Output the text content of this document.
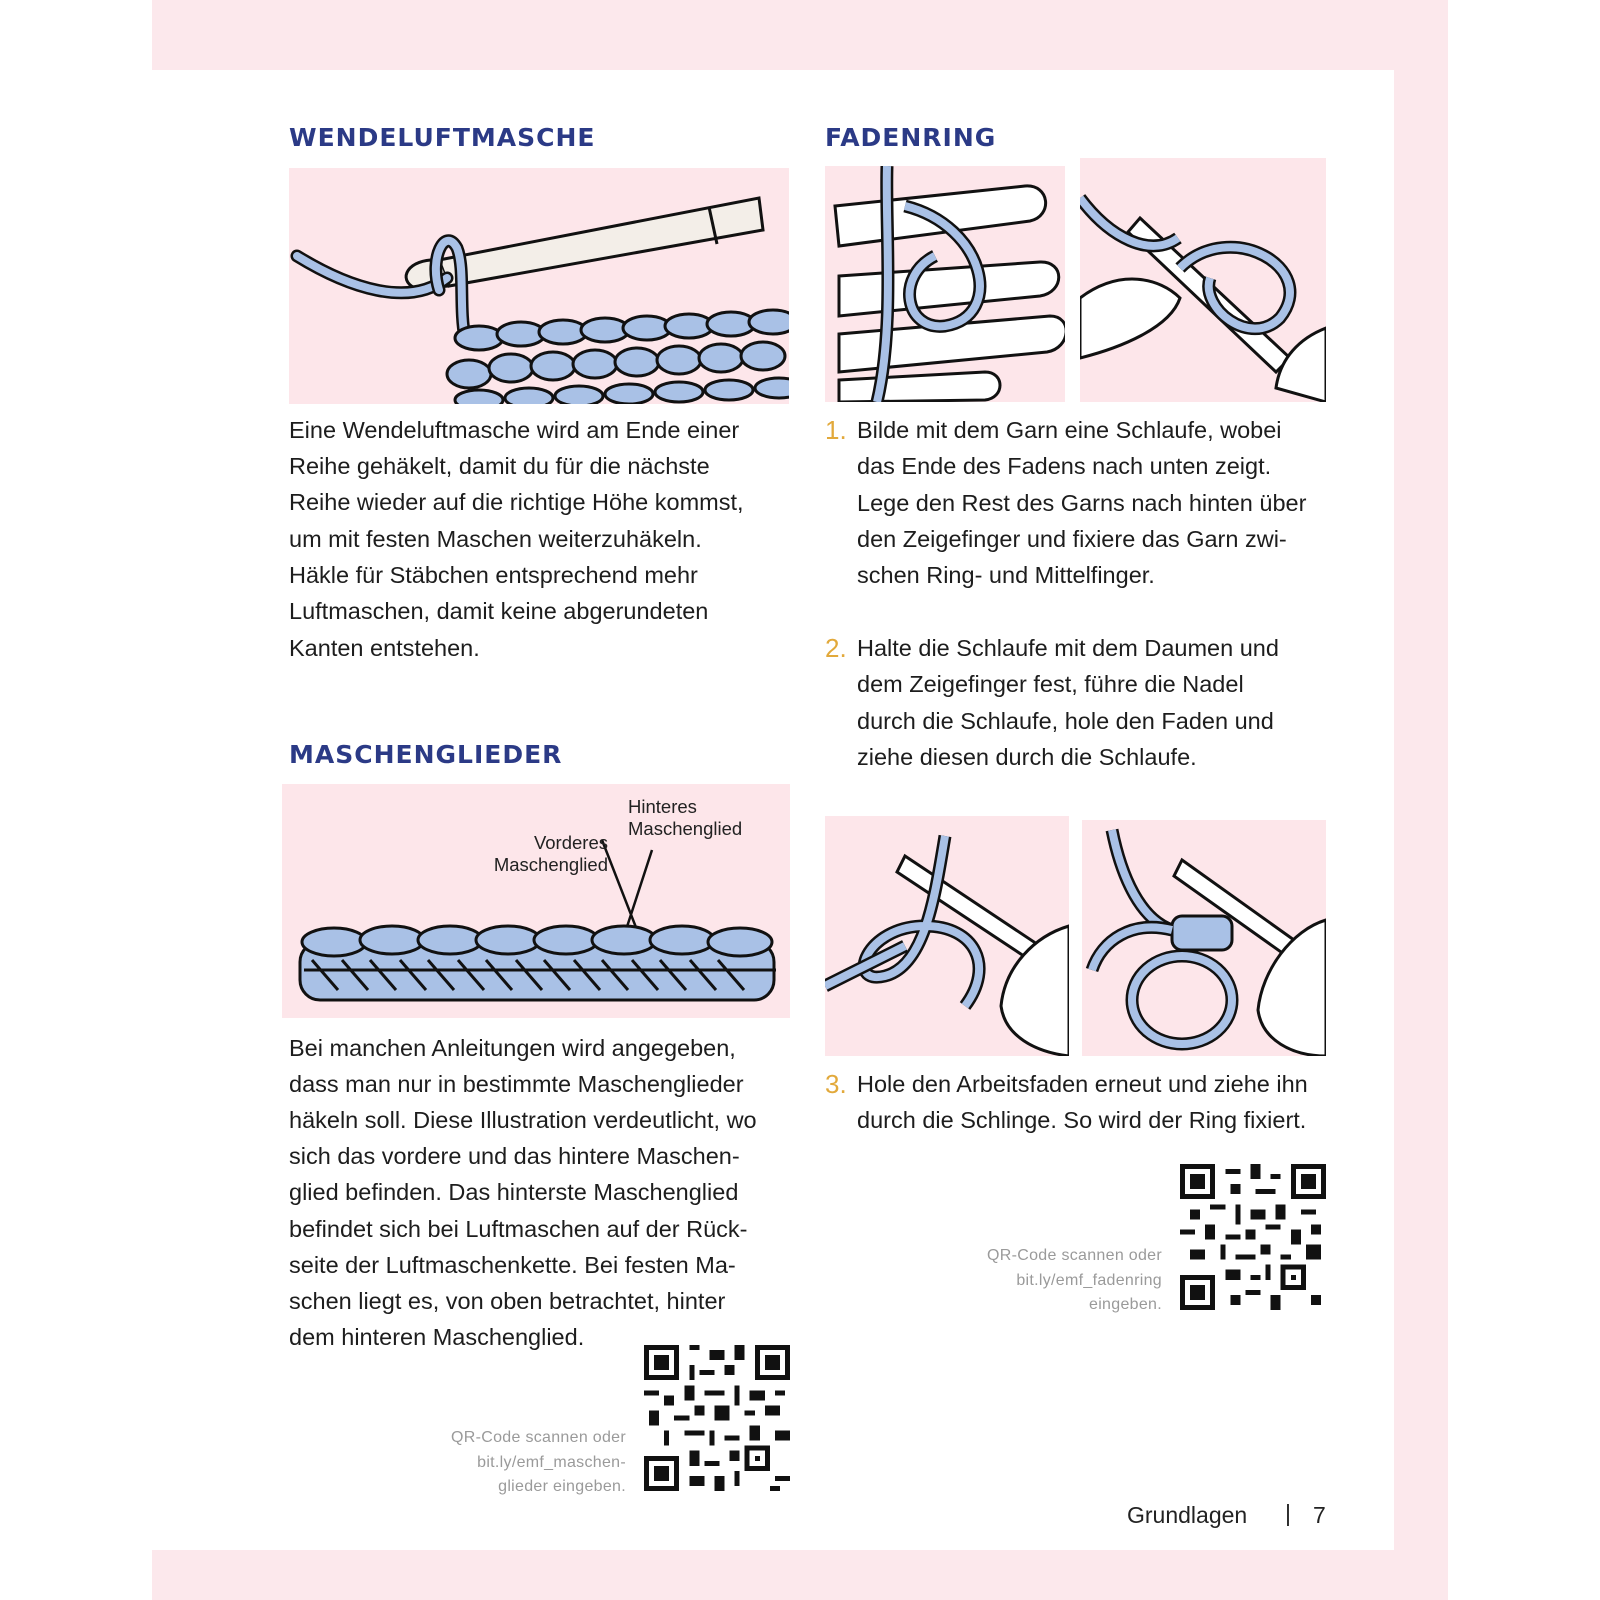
WENDELUFTMASCHE

Eine Wendeluftmasche wird am Ende einer

Reihe gehäkelt, damit du für die nächste

Reihe wieder auf die richtige Höhe kommst,

um mit festen Maschen weiterzuhäkeln.

Häkle für Stäbchen entsprechend mehr

Luftmaschen, damit keine abgerundeten

Kanten entstehen.

MASCHENGLIEDER
Vorderes
Maschenglied
Hinteres
Maschenglied

Bei manchen Anleitungen wird angegeben,

dass man nur in bestimmte Maschenglieder

häkeln soll. Diese Illustration verdeutlicht, wo

sich das vordere und das hintere Maschen-

glied befinden. Das hinterste Maschenglied

befindet sich bei Luftmaschen auf der Rück-

seite der Luftmaschenkette. Bei festen Ma-

schen liegt es, von oben betrachtet, hinter

dem hinteren Maschenglied.

QR-Code scannen oder
bit.ly/emf_maschen-
glieder eingeben.
FADENRING
1. Bilde mit dem Garn eine Schlaufe, wobei
das Ende des Fadens nach unten zeigt.
Lege den Rest des Garns nach hinten über
den Zeigefinger und fixiere das Garn zwi-
schen Ring- und Mittelfinger.
2. Halte die Schlaufe mit dem Daumen und
dem Zeigefinger fest, führe die Nadel
durch die Schlaufe, hole den Faden und
ziehe diesen durch die Schlaufe.
3. Hole den Arbeitsfaden erneut und ziehe ihn
durch die Schlinge. So wird der Ring fixiert.
QR-Code scannen oder
bit.ly/emf_fadenring
eingeben.
Grundlagen | 7
